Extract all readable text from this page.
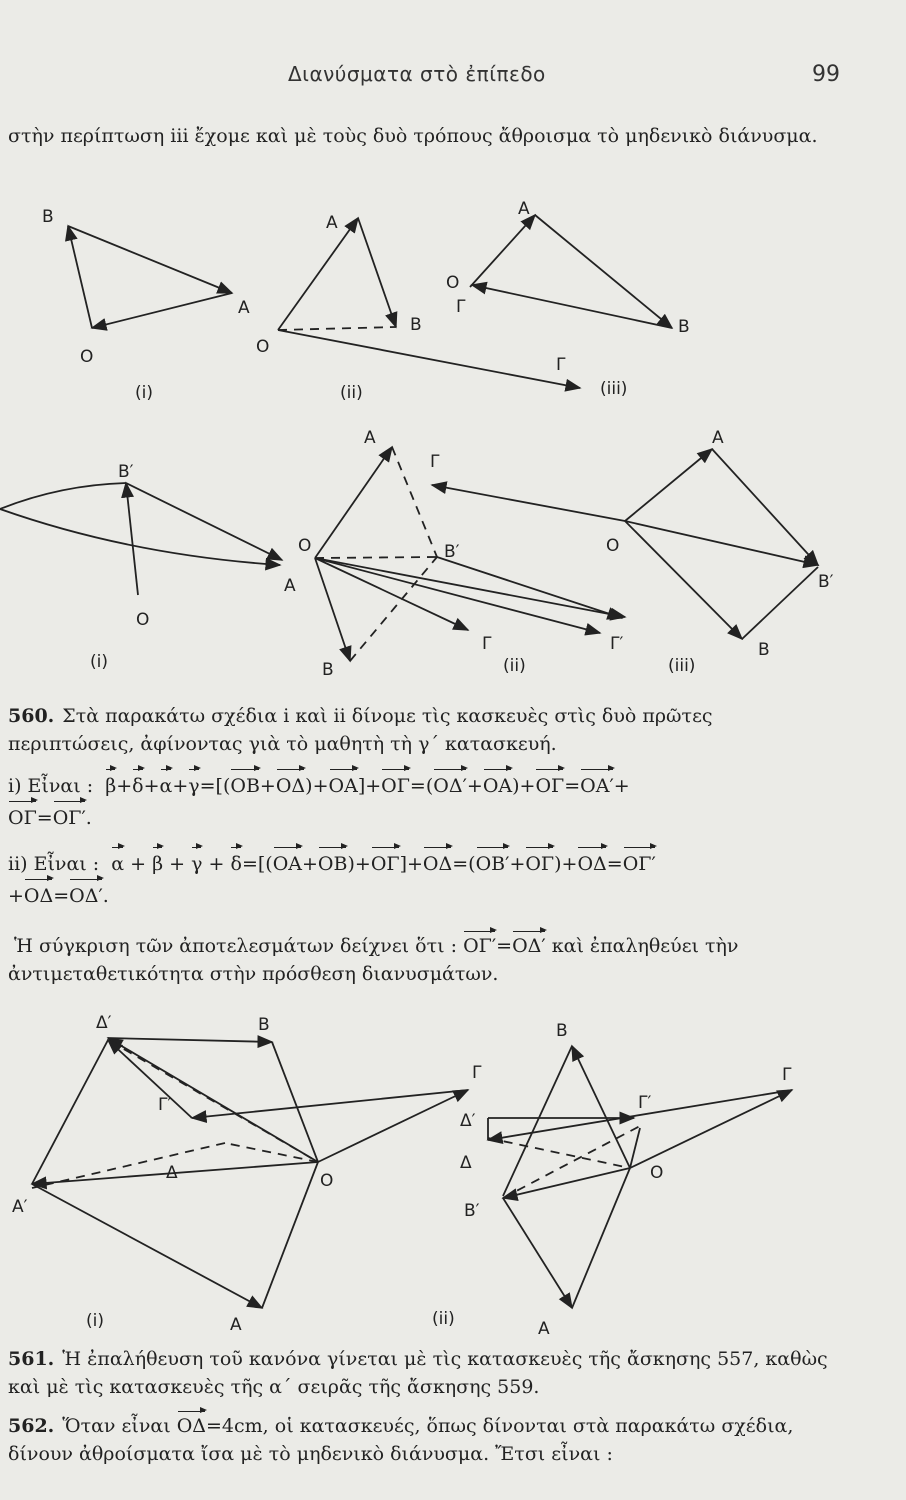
Διανύσματα στὸ ἐπίπεδο	99

στὴν περίπτωση iii ἔχομε καὶ μὲ τοὺς δυὸ τρόπους ἄθροισμα τὸ μηδενικὸ διάνυσμα.

B
O
A
(i)
A
B
O
(ii)
Γ
A
O
Γ
B
(iii)
B′
A
O
(i)
A
Γ
O	B′
Γ	Γ′
B	(ii)
A
O
B′
B
(iii)

560. Στὰ παρακάτω σχέδια i καὶ ii δίνομε τὶς κασκευὲς στὶς δυὸ πρῶτες περιπτώσεις, ἀφίνοντας γιὰ τὸ μαθητὴ τὴ γ΄ κατασκευή.

i) Εἶναι : β+δ+α+γ=[(OB+OΔ)+OA]+OΓ=(OΔ′+OA)+OΓ=OA′+
OΓ=OΓ′.

ii) Εἶναι : α + β + γ + δ=[(OA+OB)+OΓ]+OΔ=(OB′+OΓ)+OΔ=OΓ′
+OΔ=OΔ′.

Ἡ σύγκριση τῶν ἀποτελεσμάτων δείχνει ὅτι : OΓ′=OΔ′ καὶ ἐπαληθεύει τὴν ἀντιμεταθετικότητα στὴν πρόσθεση διανυσμάτων.

Δ′	B
Γ′
Γ
Δ	O
A′
A
(i)
B
Γ
Δ′
Γ′
Δ	O
B′
A
(ii)

561. Ἡ ἐπαλήθευση τοῦ κανόνα γίνεται μὲ τὶς κατασκευὲς τῆς ἄσκησης 557, καθὼς καὶ μὲ τὶς κατασκευὲς τῆς α΄ σειρᾶς τῆς ἄσκησης 559.

562. Ὅταν εἶναι OΔ=4cm, οἱ κατασκευές, ὅπως δίνονται στὰ παρακάτω σχέδια, δίνουν ἀθροίσματα ἴσα μὲ τὸ μηδενικὸ διάνυσμα. Ἔτσι εἶναι :
